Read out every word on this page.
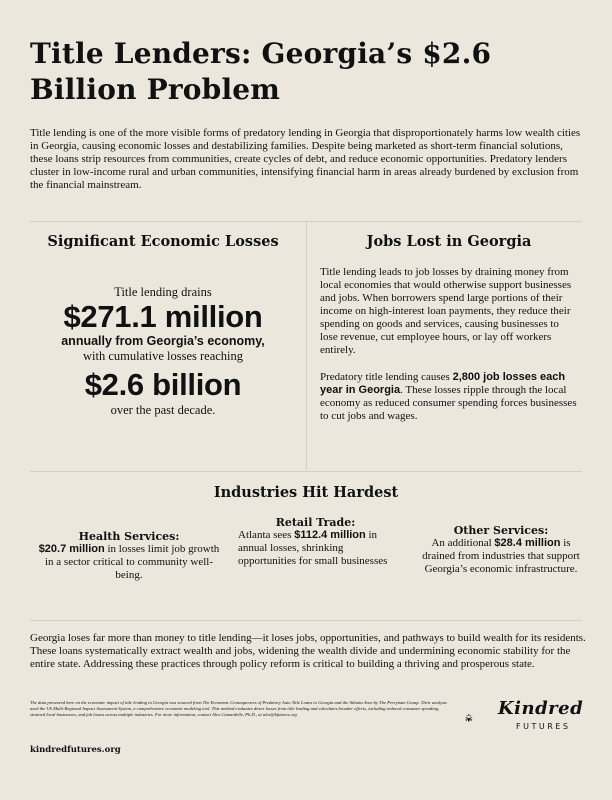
Title Lenders: Georgia’s $2.6
Billion Problem

Title lending is one of the more visible forms of predatory lending in Georgia that disproportionately harms low wealth cities in Georgia, causing economic losses and destabilizing families. Despite being marketed as short-term financial solutions, these loans strip resources from communities, create cycles of debt, and reduce economic opportunities. Predatory lenders cluster in low-income rural and urban communities, intensifying financial harm in areas already burdened by exclusion from the financial mainstream.

Significant Economic Losses
Title lending drains
$271.1 million
annually from Georgia’s economy,
with cumulative losses reaching
$2.6 billion
over the past decade.
Jobs Lost in Georgia

Title lending leads to job losses by draining money from local economies that would otherwise support businesses and jobs. When borrowers spend large portions of their income on high-interest loan payments, they reduce their spending on goods and services, causing businesses to lose revenue, cut employee hours, or lay off workers entirely.

Predatory title lending causes 2,800 job losses each year in Georgia. These losses ripple through the local economy as reduced consumer spending forces businesses to cut jobs and wages.

Industries Hit Hardest
Health Services:
$20.7 million in losses limit job growth in a sector critical to community well-being.
Retail Trade:
Atlanta sees $112.4 million in annual losses, shrinking opportunities for small businesses
Other Services:
An additional $28.4 million is drained from industries that support Georgia’s economic infrastructure.

Georgia loses far more than money to title lending—it loses jobs, opportunities, and pathways to build wealth for its residents. These loans systematically extract wealth and jobs, widening the wealth divide and undermining economic stability for the entire state. Addressing these practices through policy reform is critical to building a thriving and prosperous state.

The data presented here on the economic impact of title lending in Georgia was sourced from The Economic Consequences of Predatory Auto Title Loans to Georgia and the Atlanta Area by The Perryman Group. Their analysis used the US Multi-Regional Impact Assessment System, a comprehensive economic modeling tool. This method evaluates direct losses from title lending and calculates broader effects, including reduced consumer spending, strained local businesses, and job losses across multiple industries. For more information, contact Alex Camardelle, Ph.D., at alex@kfutures.org

kindredfutures.org
Kindred
FUTURES
